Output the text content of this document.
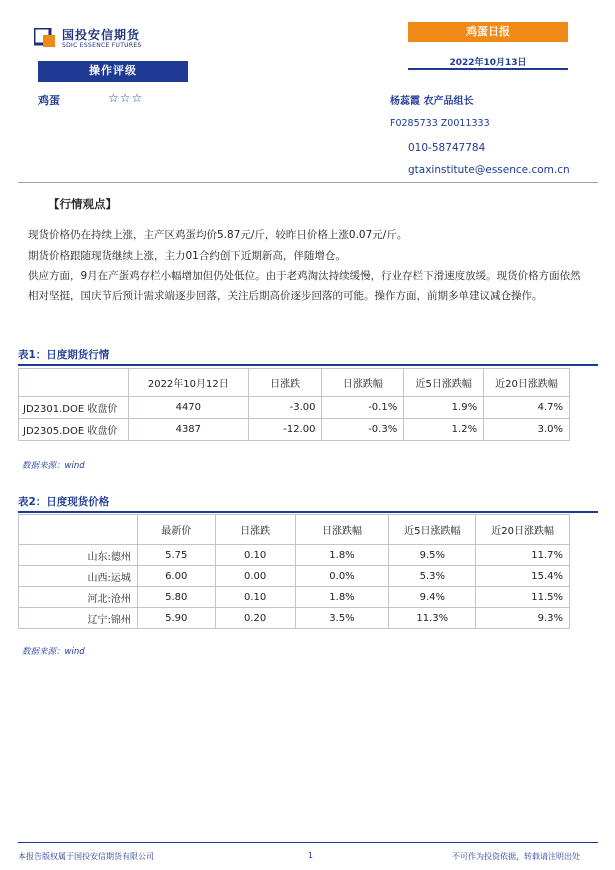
国投安信期货
SDIC ESSENCE FUTURES
操作评级
鸡蛋日报
2022年10月13日
鸡蛋	☆☆☆	杨蕊霞 农产品组长
F0285733 Z0011333
010-58747784
gtaxinstitute@essence.com.cn
【行情观点】
现货价格仍在持续上涨，主产区鸡蛋均价5.87元/斤，较昨日价格上涨0.07元/斤。
期货价格跟随现货继续上涨，主力01合约创下近期新高，伴随增仓。
供应方面，9月在产蛋鸡存栏小幅增加但仍处低位。由于老鸡淘汰持续缓慢，行业存栏下滑速度放缓。现货价格方面依然相对坚挺，国庆节后预计需求端逐步回落，关注后期高价逐步回落的可能。操作方面，前期多单建议减仓操作。
表1：日度期货行情
	2022年10月12日	日涨跌	日涨跌幅	近5日涨跌幅	近20日涨跌幅
JD2301.DOE 收盘价	4470	-3.00	-0.1%	1.9%	4.7%
JD2305.DOE 收盘价	4387	-12.00	-0.3%	1.2%	3.0%
数据来源：wind
表2：日度现货价格
	最新价	日涨跌	日涨跌幅	近5日涨跌幅	近20日涨跌幅
山东:德州	5.75	0.10	1.8%	9.5%	11.7%
山西:运城	6.00	0.00	0.0%	5.3%	15.4%
河北:沧州	5.80	0.10	1.8%	9.4%	11.5%
辽宁:锦州	5.90	0.20	3.5%	11.3%	9.3%
数据来源：wind
本报告版权属于国投安信期货有限公司	1	不可作为投资依据，转载请注明出处
